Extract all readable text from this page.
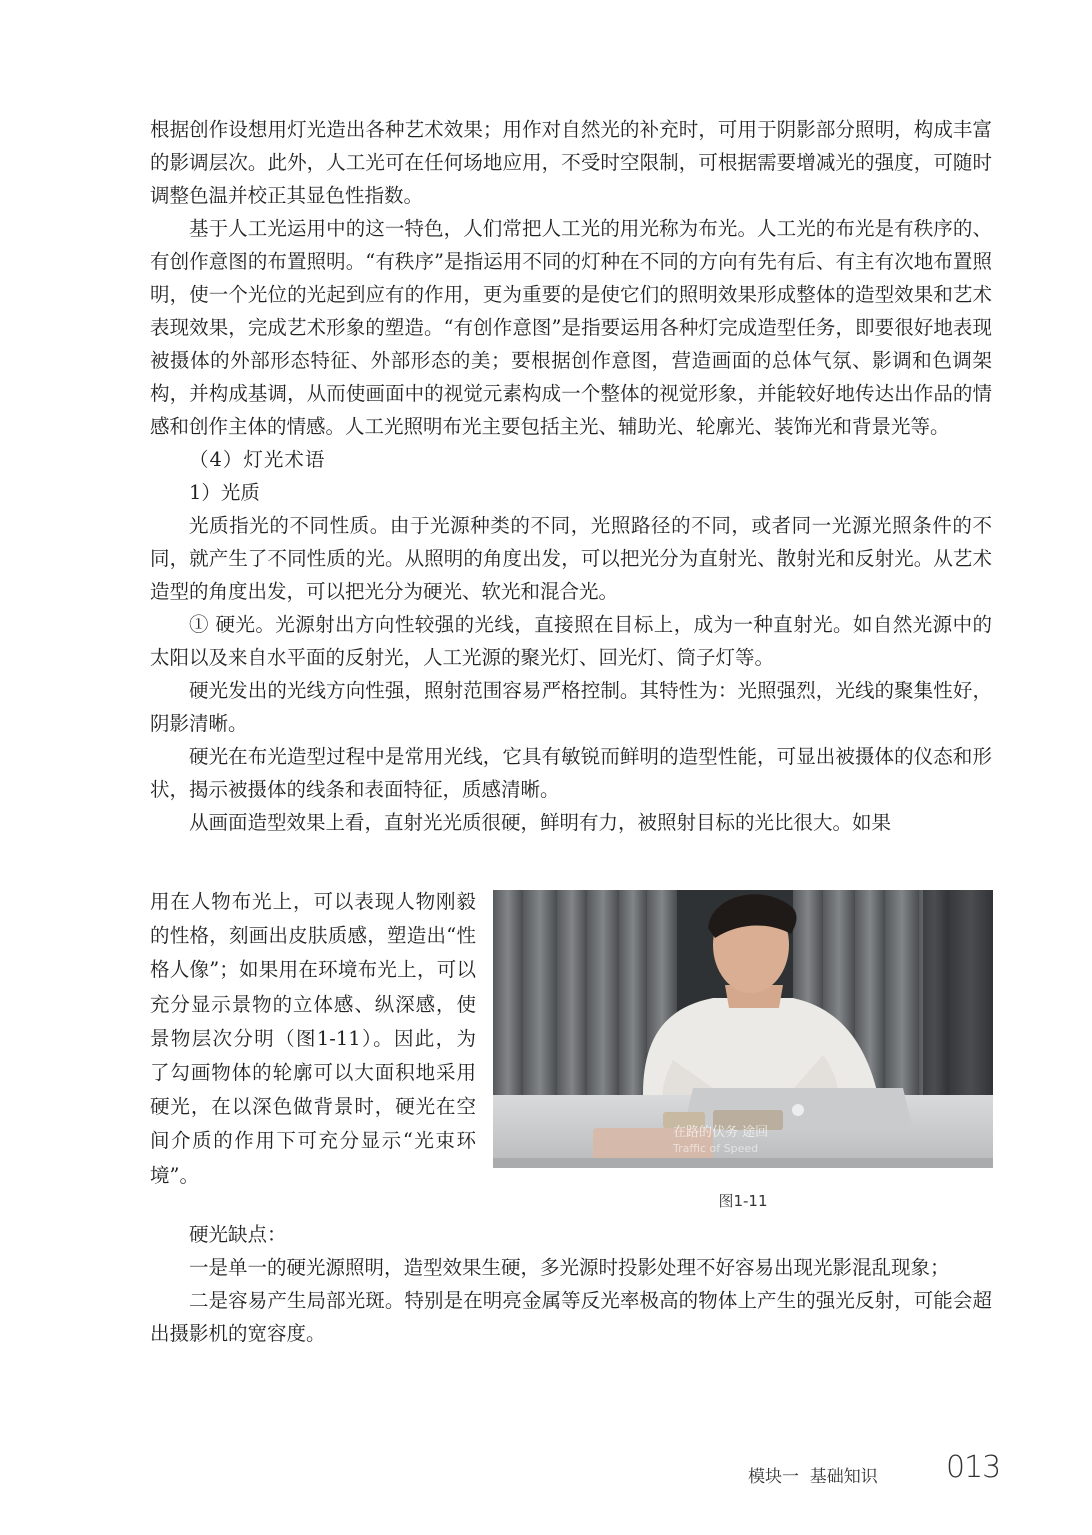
根据创作设想用灯光造出各种艺术效果；用作对自然光的补充时，可用于阴影部分照明，构成丰富的影调层次。此外，人工光可在任何场地应用，不受时空限制，可根据需要增减光的强度，可随时调整色温并校正其显色性指数。

基于人工光运用中的这一特色，人们常把人工光的用光称为布光。人工光的布光是有秩序的、有创作意图的布置照明。“有秩序”是指运用不同的灯种在不同的方向有先有后、有主有次地布置照明，使一个光位的光起到应有的作用，更为重要的是使它们的照明效果形成整体的造型效果和艺术表现效果，完成艺术形象的塑造。“有创作意图”是指要运用各种灯完成造型任务，即要很好地表现被摄体的外部形态特征、外部形态的美；要根据创作意图，营造画面的总体气氛、影调和色调架构，并构成基调，从而使画面中的视觉元素构成一个整体的视觉形象，并能较好地传达出作品的情感和创作主体的情感。人工光照明布光主要包括主光、辅助光、轮廓光、装饰光和背景光等。

（4）灯光术语

1）光质

光质指光的不同性质。由于光源种类的不同，光照路径的不同，或者同一光源光照条件的不同，就产生了不同性质的光。从照明的角度出发，可以把光分为直射光、散射光和反射光。从艺术造型的角度出发，可以把光分为硬光、软光和混合光。

① 硬光。光源射出方向性较强的光线，直接照在目标上，成为一种直射光。如自然光源中的太阳以及来自水平面的反射光，人工光源的聚光灯、回光灯、筒子灯等。

硬光发出的光线方向性强，照射范围容易严格控制。其特性为：光照强烈，光线的聚集性好，阴影清晰。

硬光在布光造型过程中是常用光线，它具有敏锐而鲜明的造型性能，可显出被摄体的仪态和形状，揭示被摄体的线条和表面特征，质感清晰。

从画面造型效果上看，直射光光质很硬，鲜明有力，被照射目标的光比很大。如果

用在人物布光上，可以表现人物刚毅的性格，刻画出皮肤质感，塑造出“性格人像”；如果用在环境布光上，可以充分显示景物的立体感、纵深感，使景物层次分明（图1-11）。因此，为了勾画物体的轮廓可以大面积地采用硬光，在以深色做背景时，硬光在空间介质的作用下可充分显示“光束环境”。
在路的伏务 途回
Traffic of Speed
图1-11

硬光缺点：

一是单一的硬光源照明，造型效果生硬，多光源时投影处理不好容易出现光影混乱现象；

二是容易产生局部光斑。特别是在明亮金属等反光率极高的物体上产生的强光反射，可能会超出摄影机的宽容度。

模块一  基础知识 013
